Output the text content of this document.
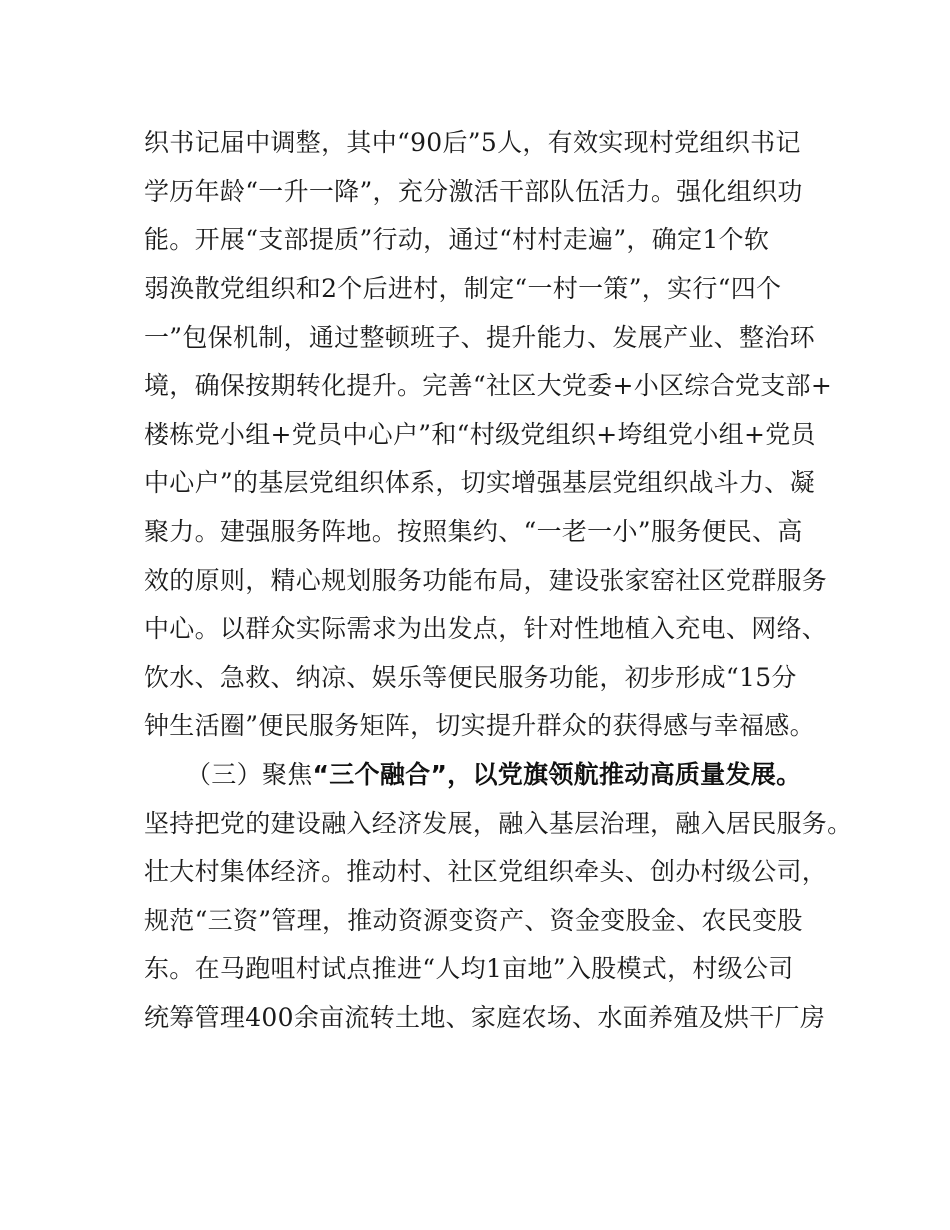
织书记届中调整，其中“90后”5人，有效实现村党组织书记
学历年龄“一升一降”，充分激活干部队伍活力。强化组织功
能。开展“支部提质”行动，通过“村村走遍”，确定1个软
弱涣散党组织和2个后进村，制定“一村一策”，实行“四个
一”包保机制，通过整顿班子、提升能力、发展产业、整治环
境，确保按期转化提升。完善“社区大党委+小区综合党支部+
楼栋党小组+党员中心户”和“村级党组织+垮组党小组+党员
中心户”的基层党组织体系，切实增强基层党组织战斗力、凝
聚力。建强服务阵地。按照集约、“一老一小”服务便民、高
效的原则，精心规划服务功能布局，建设张家窑社区党群服务
中心。以群众实际需求为出发点，针对性地植入充电、网络、
饮水、急救、纳凉、娱乐等便民服务功能，初步形成“15分
钟生活圈”便民服务矩阵，切实提升群众的获得感与幸福感。
（三）聚焦“三个融合”，以党旗领航推动高质量发展。
坚持把党的建设融入经济发展，融入基层治理，融入居民服务。
壮大村集体经济。推动村、社区党组织牵头、创办村级公司，
规范“三资”管理，推动资源变资产、资金变股金、农民变股
东。在马跑咀村试点推进“人均1亩地”入股模式，村级公司
统筹管理400余亩流转土地、家庭农场、水面养殖及烘干厂房
